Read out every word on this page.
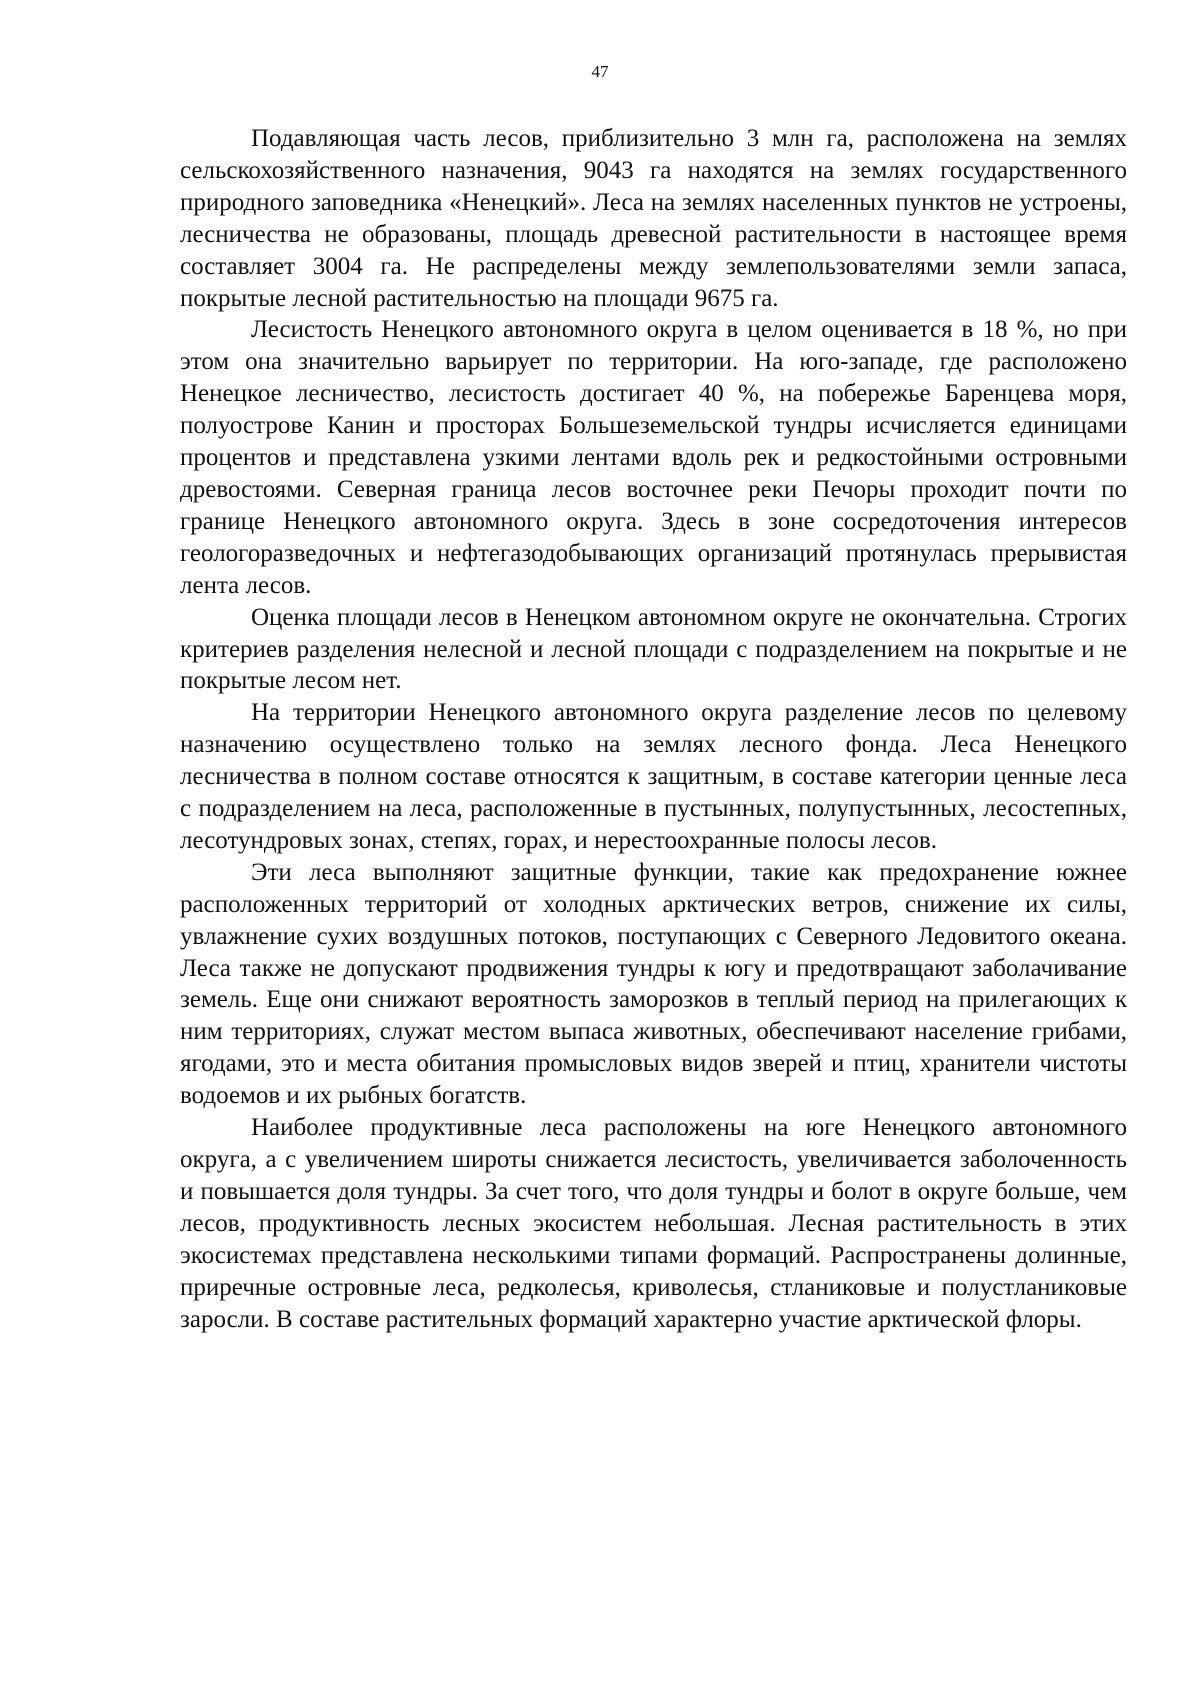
47

Подавляющая часть лесов, приблизительно 3 млн га, расположена на землях сельскохозяйственного назначения, 9043 га находятся на землях государственного природного заповедника «Ненецкий». Леса на землях населенных пунктов не устроены, лесничества не образованы, площадь древесной растительности в настоящее время составляет 3004 га. Не распределены между землепользователями земли запаса, покрытые лесной растительностью на площади 9675 га.

Лесистость Ненецкого автономного округа в целом оценивается в 18 %, но при этом она значительно варьирует по территории. На юго-западе, где расположено Ненецкое лесничество, лесистость достигает 40 %, на побережье Баренцева моря, полуострове Канин и просторах Большеземельской тундры исчисляется единицами процентов и представлена узкими лентами вдоль рек и редкостойными островными древостоями. Северная граница лесов восточнее реки Печоры проходит почти по границе Ненецкого автономного округа. Здесь в зоне сосредоточения интересов геологоразведочных и нефтегазодобывающих организаций протянулась прерывистая лента лесов.

Оценка площади лесов в Ненецком автономном округе не окончательна. Строгих критериев разделения нелесной и лесной площади с подразделением на покрытые и не покрытые лесом нет.

На территории Ненецкого автономного округа разделение лесов по целевому назначению осуществлено только на землях лесного фонда. Леса Ненецкого лесничества в полном составе относятся к защитным, в составе категории ценные леса с подразделением на леса, расположенные в пустынных, полупустынных, лесостепных, лесотундровых зонах, степях, горах, и нерестоохранные полосы лесов.

Эти леса выполняют защитные функции, такие как предохранение южнее расположенных территорий от холодных арктических ветров, снижение их силы, увлажнение сухих воздушных потоков, поступающих с Северного Ледовитого океана. Леса также не допускают продвижения тундры к югу и предотвращают заболачивание земель. Еще они снижают вероятность заморозков в теплый период на прилегающих к ним территориях, служат местом выпаса животных, обеспечивают население грибами, ягодами, это и места обитания промысловых видов зверей и птиц, хранители чистоты водоемов и их рыбных богатств.

Наиболее продуктивные леса расположены на юге Ненецкого автономного округа, а с увеличением широты снижается лесистость, увеличивается заболоченность и повышается доля тундры. За счет того, что доля тундры и болот в округе больше, чем лесов, продуктивность лесных экосистем небольшая. Лесная растительность в этих экосистемах представлена несколькими типами формаций. Распространены долинные, приречные островные леса, редколесья, криволесья, стланиковые и полустланиковые заросли. В составе растительных формаций характерно участие арктической флоры.
